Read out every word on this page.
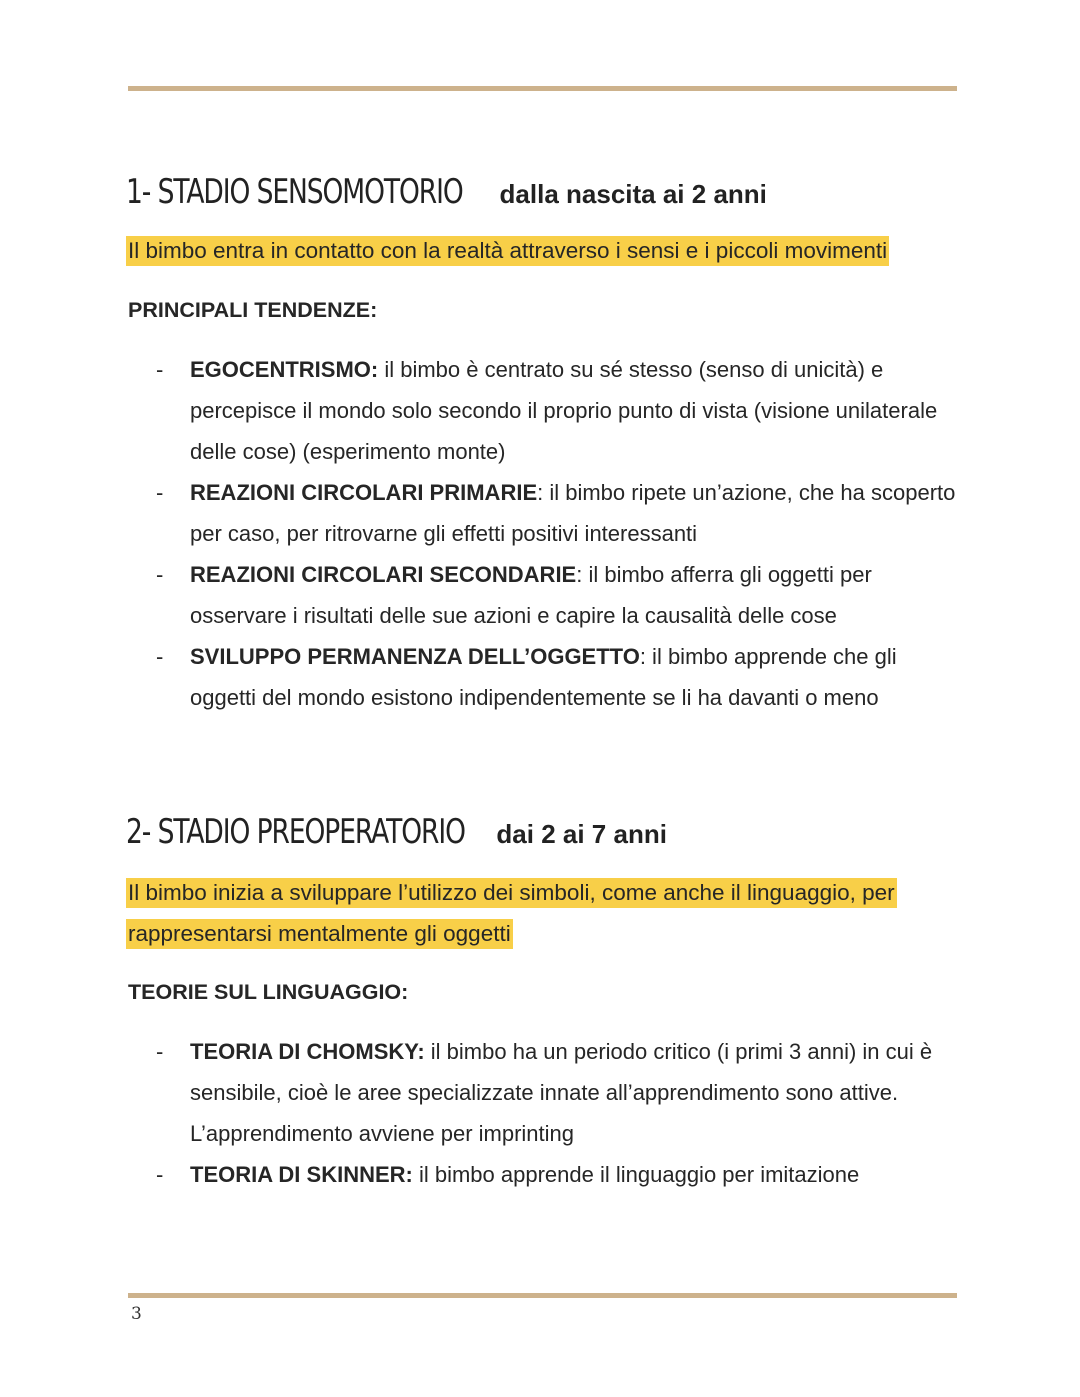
1- STADIO SENSOMOTORIO dalla nascita ai 2 anni
Il bimbo entra in contatto con la realtà attraverso i sensi e i piccoli movimenti
PRINCIPALI TENDENZE:
- EGOCENTRISMO: il bimbo è centrato su sé stesso (senso di unicità) e percepisce il mondo solo secondo il proprio punto di vista (visione unilaterale delle cose) (esperimento monte)
- REAZIONI CIRCOLARI PRIMARIE: il bimbo ripete un’azione, che ha scoperto per caso, per ritrovarne gli effetti positivi interessanti
- REAZIONI CIRCOLARI SECONDARIE: il bimbo afferra gli oggetti per osservare i risultati delle sue azioni e capire la causalità delle cose
- SVILUPPO PERMANENZA DELL’OGGETTO: il bimbo apprende che gli oggetti del mondo esistono indipendentemente se li ha davanti o meno
2- STADIO PREOPERATORIO dai 2 ai 7 anni
Il bimbo inizia a sviluppare l’utilizzo dei simboli, come anche il linguaggio, per rappresentarsi mentalmente gli oggetti
TEORIE SUL LINGUAGGIO:
- TEORIA DI CHOMSKY: il bimbo ha un periodo critico (i primi 3 anni) in cui è sensibile, cioè le aree specializzate innate all’apprendimento sono attive. L’apprendimento avviene per imprinting
- TEORIA DI SKINNER: il bimbo apprende il linguaggio per imitazione
3
